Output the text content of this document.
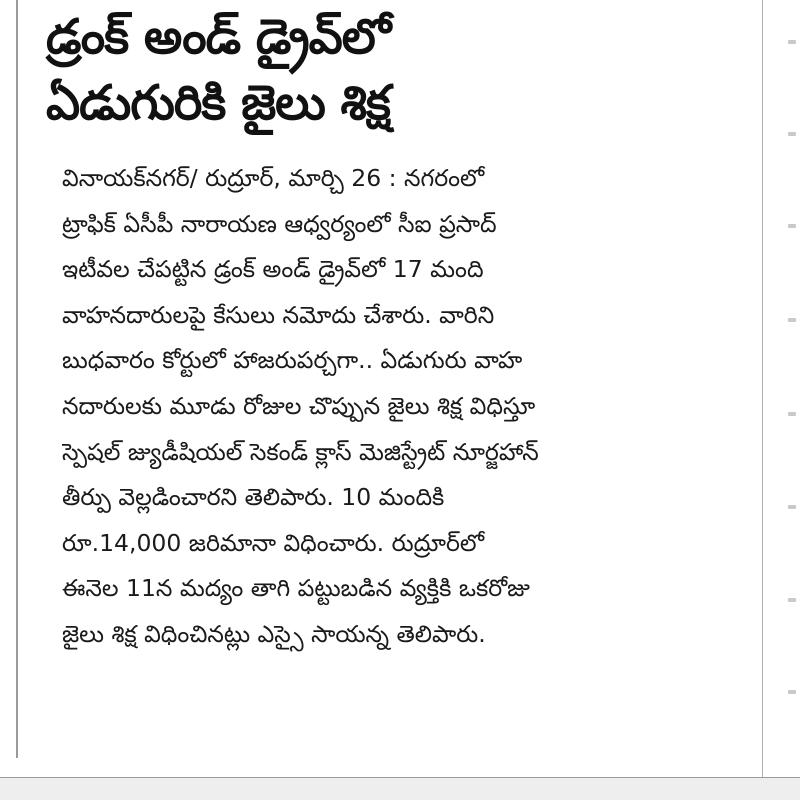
డ్రంక్ అండ్ డ్రైవ్‌లో
ఏడుగురికి జైలు శిక్ష
వినాయక్‌నగర్/ రుద్రూర్, మార్చి 26 : నగరంలో
ట్రాఫిక్ ఏసీపీ నారాయణ ఆధ్వర్యంలో సీఐ ప్రసాద్
ఇటీవల చేపట్టిన డ్రంక్ అండ్ డ్రైవ్‌లో 17 మంది
వాహనదారులపై కేసులు నమోదు చేశారు. వారిని
బుధవారం కోర్టులో హాజరుపర్చగా.. ఏడుగురు వాహ
నదారులకు మూడు రోజుల చొప్పున జైలు శిక్ష విధిస్తూ
స్పెషల్ జ్యుడీషియల్ సెకండ్ క్లాస్ మెజిస్ట్రేట్ నూర్జహాన్
తీర్పు వెల్లడించారని తెలిపారు. 10 మందికి
రూ.14,000 జరిమానా విధించారు. రుద్రూర్‌లో
ఈనెల 11న మద్యం తాగి పట్టుబడిన వ్యక్తికి ఒకరోజు
జైలు శిక్ష విధించినట్లు ఎస్సై సాయన్న తెలిపారు.
